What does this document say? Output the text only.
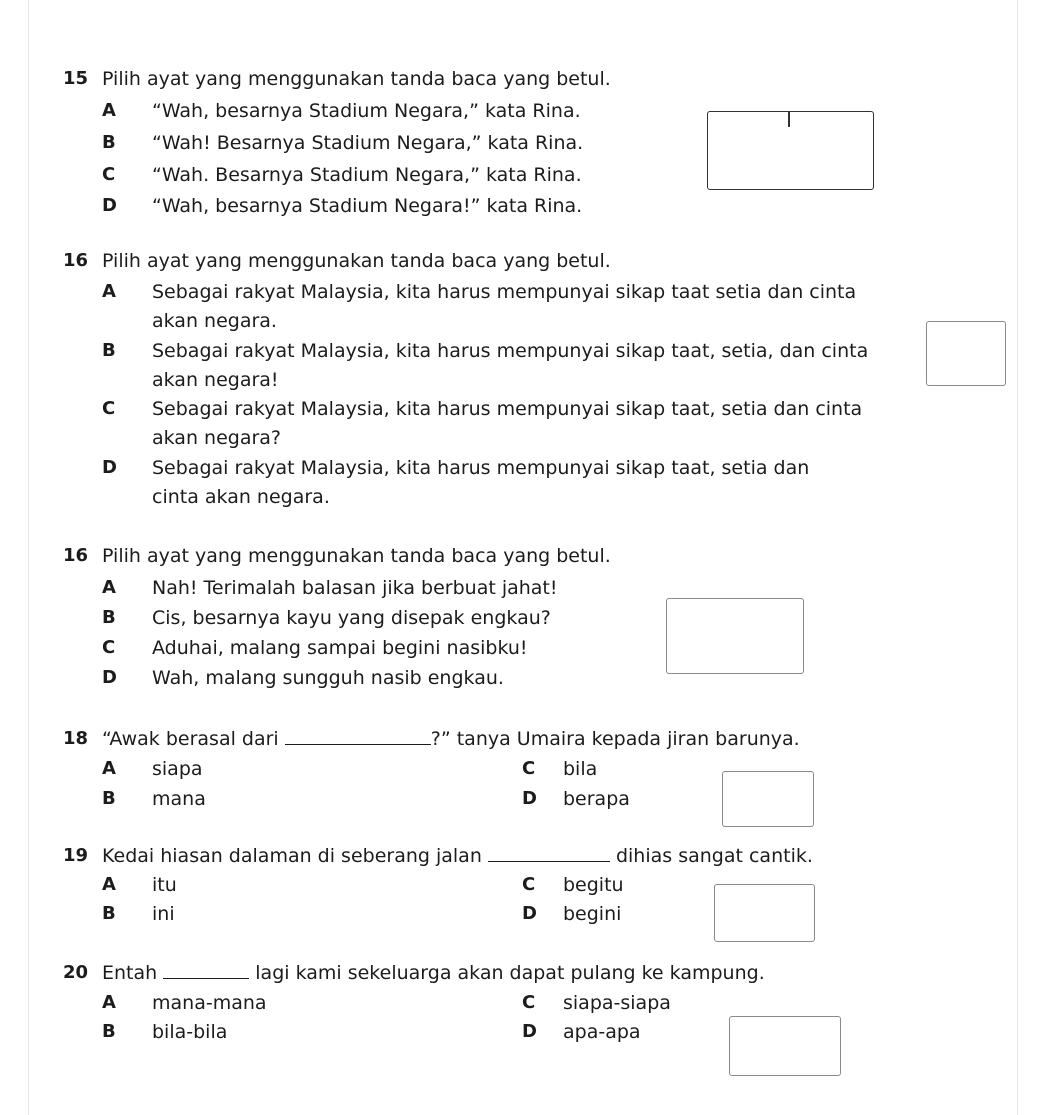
15 Pilih ayat yang menggunakan tanda baca yang betul.
A “Wah, besarnya Stadium Negara,” kata Rina.
B “Wah! Besarnya Stadium Negara,” kata Rina.
C “Wah. Besarnya Stadium Negara,” kata Rina.
D “Wah, besarnya Stadium Negara!” kata Rina.
16 Pilih ayat yang menggunakan tanda baca yang betul.
A Sebagai rakyat Malaysia, kita harus mempunyai sikap taat setia dan cinta
akan negara.
B Sebagai rakyat Malaysia, kita harus mempunyai sikap taat, setia, dan cinta
akan negara!
C Sebagai rakyat Malaysia, kita harus mempunyai sikap taat, setia dan cinta
akan negara?
D Sebagai rakyat Malaysia, kita harus mempunyai sikap taat, setia dan
cinta akan negara.
16 Pilih ayat yang menggunakan tanda baca yang betul.
A Nah! Terimalah balasan jika berbuat jahat!
B Cis, besarnya kayu yang disepak engkau?
C Aduhai, malang sampai begini nasibku!
D Wah, malang sungguh nasib engkau.
18 “Awak berasal dari	?” tanya Umaira kepada jiran barunya.
A siapa
B mana
C bila
D berapa
19 Kedai hiasan dalaman di seberang jalan	dihias sangat cantik.
A itu
B ini
C begitu
D begini
20 Entah	lagi kami sekeluarga akan dapat pulang ke kampung.
A mana-mana
B bila-bila
C siapa-siapa
D apa-apa
